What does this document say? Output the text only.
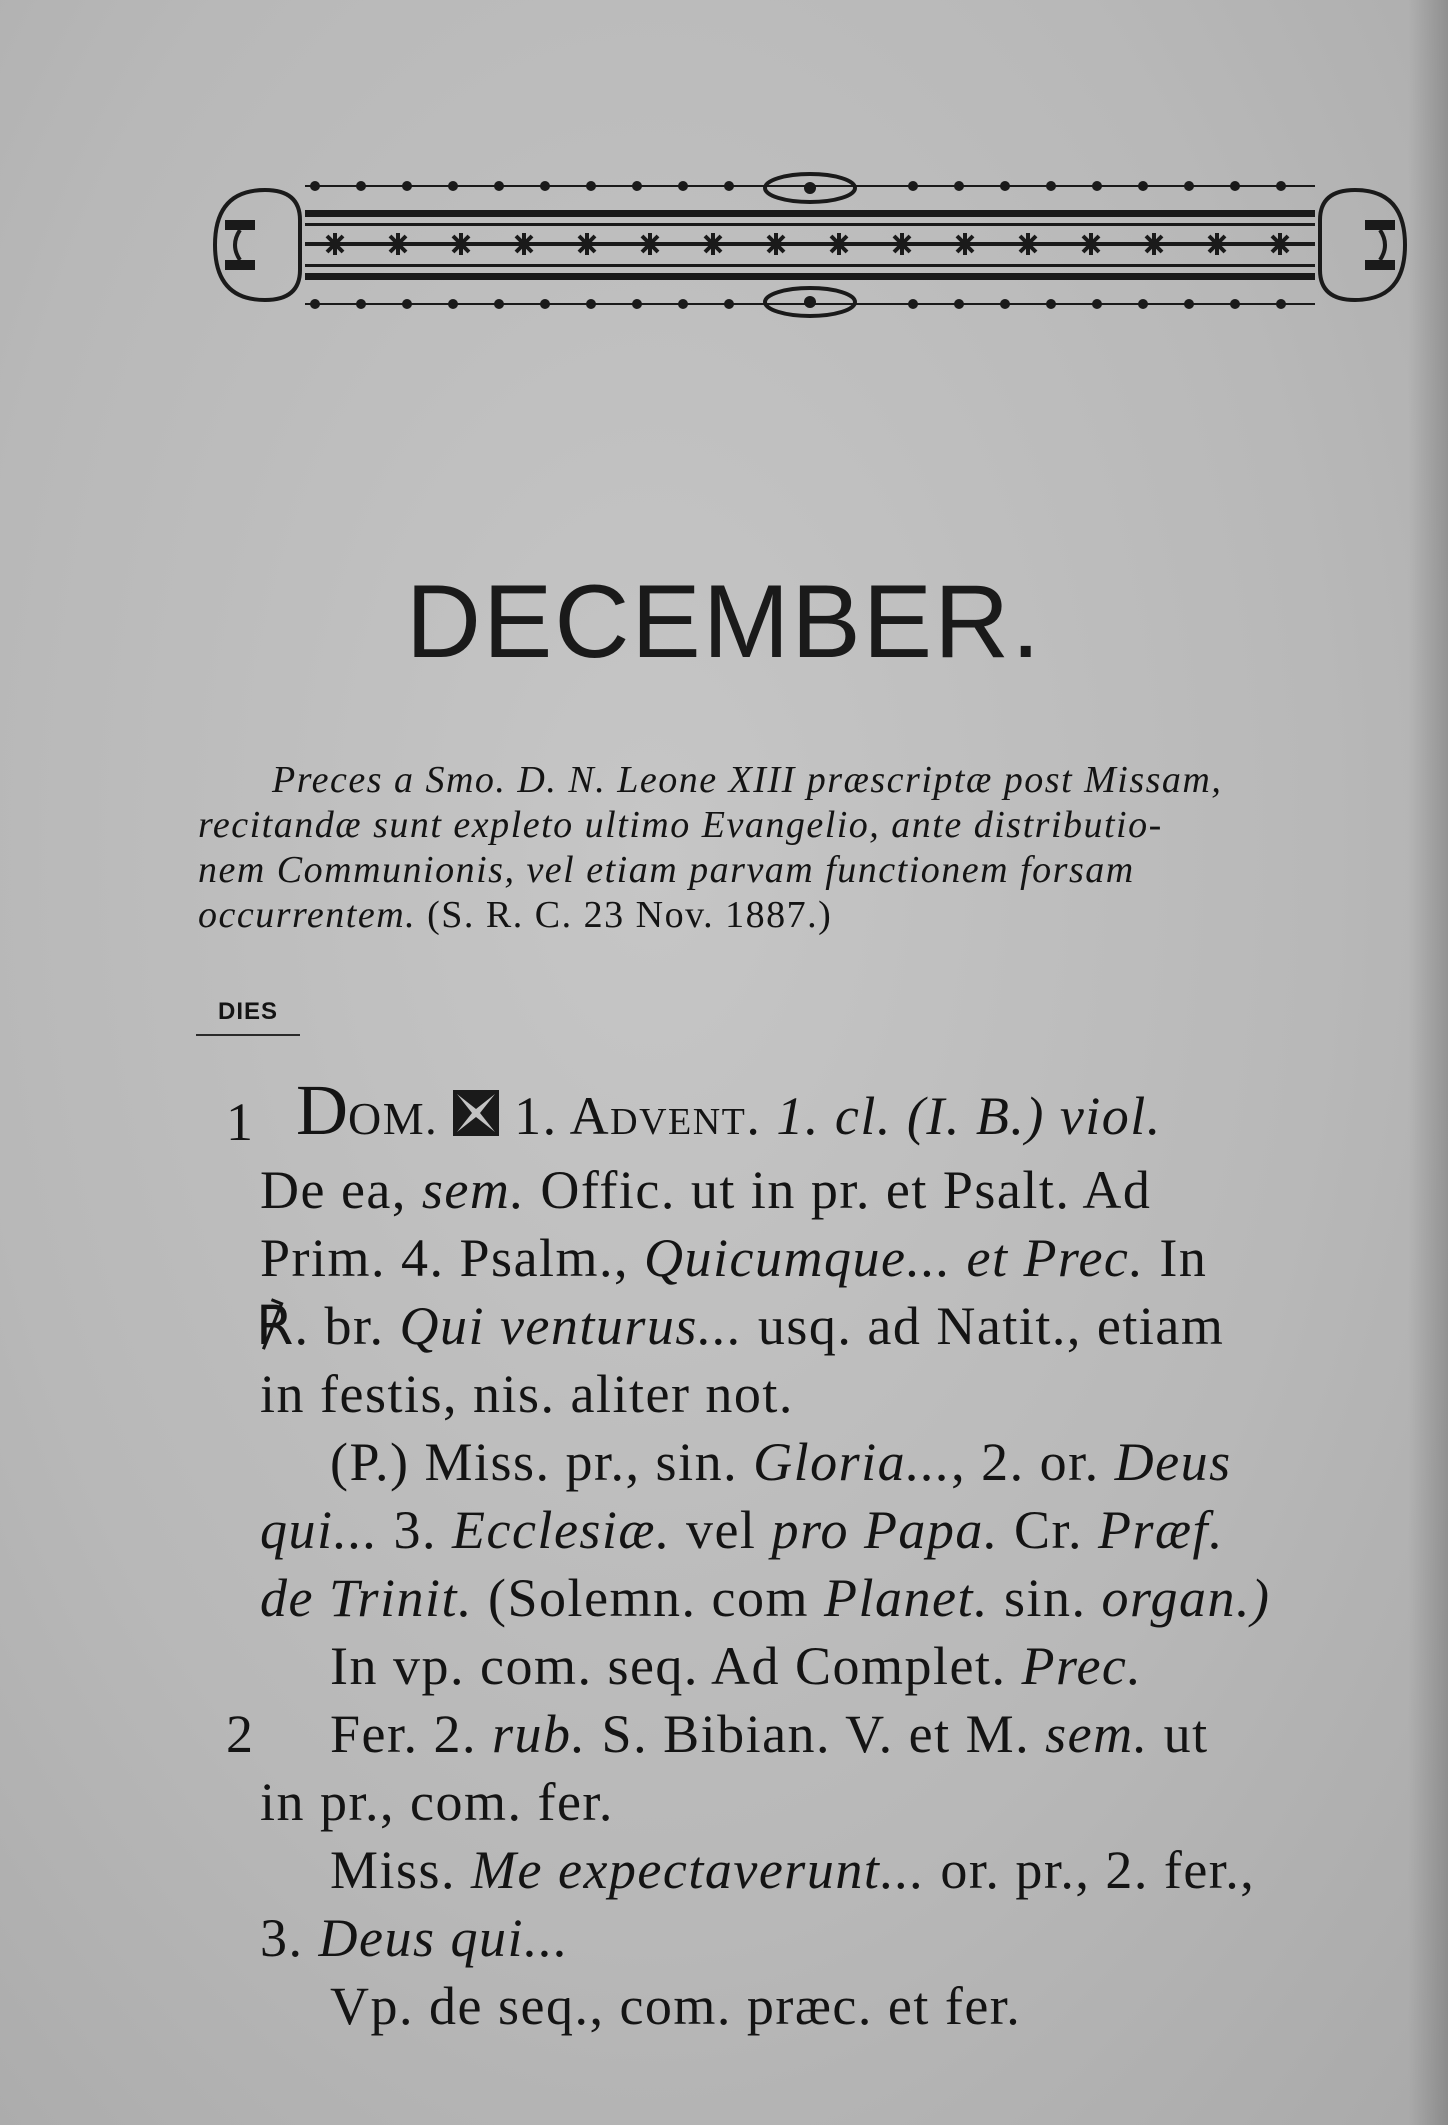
DECEMBER.
Preces a Smo. D. N. Leone XIII præscriptæ post Missam,
recitandæ sunt expleto ultimo Evangelio, ante distributio-
nem Communionis, vel etiam parvam functionem forsam
occurrentem. (S. R. C. 23 Nov. 1887.)
DIES
1 DOM. 1. Advent. 1. cl. (I. B.) viol.
De ea, sem. Offic. ut in pr. et Psalt. Ad
Prim. 4. Psalm., Quicumque... et Prec. In
℟. br. Qui venturus... usq. ad Natit., etiam
in festis, nis. aliter not.
(P.) Miss. pr., sin. Gloria..., 2. or. Deus
qui... 3. Ecclesiæ. vel pro Papa. Cr. Præf.
de Trinit. (Solemn. com Planet. sin. organ.)
In vp. com. seq. Ad Complet. Prec.
2 Fer. 2. rub. S. Bibian. V. et M. sem. ut
in pr., com. fer.
Miss. Me expectaverunt... or. pr., 2. fer.,
3. Deus qui...
Vp. de seq., com. præc. et fer.
